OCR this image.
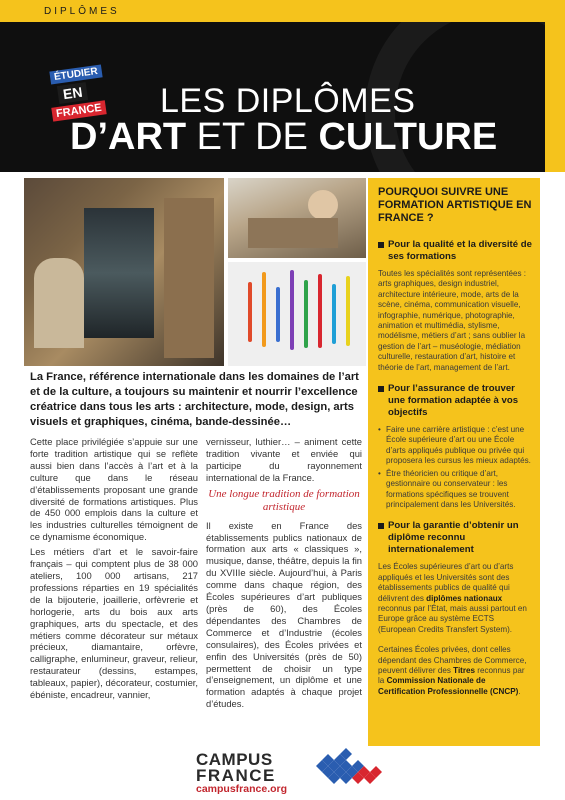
DIPLÔMES
ÉTUDIER
EN
FRANCE LES DIPLÔMES
D’ART ET DE CULTURE
La France, référence internationale dans les domaines de l’art et de la culture, a toujours su maintenir et nourrir l’excellence créatrice dans tous les arts : architecture, mode, design, arts visuels et graphiques, cinéma, bande-dessinée…

Cette place privilégiée s’appuie sur une forte tradition artistique qui se reflète aussi bien dans l’accès à l’art et à la culture que dans le réseau d’établissements proposant une grande diversité de formations artistiques. Plus de 450 000 emplois dans la culture et les industries culturelles témoignent de ce dynamisme économique.

Les métiers d’art et le savoir-faire français – qui comptent plus de 38 000 ateliers, 100 000 artisans, 217 professions réparties en 19 spécialités de la bijouterie, joaillerie, orfèvrerie et horlogerie, arts du bois aux arts graphiques, arts du spectacle, et des métiers comme décorateur sur métaux précieux, diamantaire, orfèvre, calligraphe, enlumineur, graveur, relieur, restaurateur (dessins, estampes, tableaux, papier), décorateur, costumier, ébéniste, encadreur, vannier,

vernisseur, luthier… – animent cette tradition vivante et enviée qui participe du rayonnement international de la France.

Une longue tradition de formation artistique

Il existe en France des établissements publics nationaux de formation aux arts « classiques », musique, danse, théâtre, depuis la fin du XVIIIe siècle. Aujourd’hui, à Paris comme dans chaque région, des Écoles supérieures d’art publiques (près de 60), des Écoles dépendantes des Chambres de Commerce et d’Industrie (écoles consulaires), des Écoles privées et enfin des Universités (près de 50) permettent de choisir un type d’enseignement, un diplôme et une formation adaptés à chaque projet d’études.

POURQUOI SUIVRE UNE FORMATION ARTISTIQUE EN FRANCE ?
Pour la qualité et la diversité de ses formations
Toutes les spécialités sont représentées : arts graphiques, design industriel, architecture intérieure, mode, arts de la scène, cinéma, communication visuelle, infographie, numérique, photographie, animation et multimédia, stylisme, modélisme, métiers d’art ; sans oublier la gestion de l’art – muséologie, médiation culturelle, restauration d’art, histoire et théorie de l’art, management de l’art.
Pour l’assurance de trouver une formation adaptée à vos objectifs
• Faire une carrière artistique : c’est une École supérieure d’art ou une École d’arts appliqués publique ou privée qui proposera les cursus les mieux adaptés.
• Être théoricien ou critique d’art, gestionnaire ou conservateur : les formations spécifiques se trouvent principalement dans les Universités.
Pour la garantie d’obtenir un diplôme reconnu internationalement
Les Écoles supérieures d’art ou d’arts appliqués et les Universités sont des établissements publics de qualité qui délivrent des diplômes nationaux reconnus par l’État, mais aussi partout en Europe grâce au système ECTS (European Credits Transfert System).
Certaines Écoles privées, dont celles dépendant des Chambres de Commerce, peuvent délivrer des Titres reconnus par la Commission Nationale de Certification Professionnelle (CNCP).
CAMPUS
FRANCE
campusfrance.org
